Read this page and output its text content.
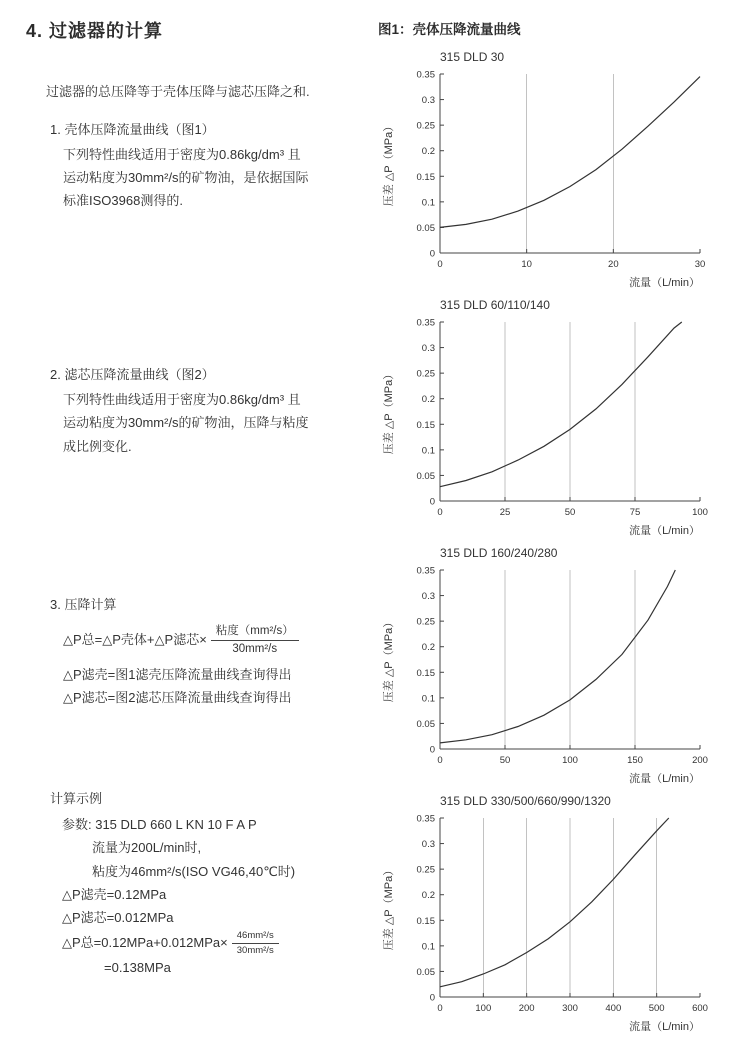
4. 过滤器的计算

过滤器的总压降等于壳体压降与滤芯压降之和.

1. 壳体压降流量曲线（图1）
下列特性曲线适用于密度为0.86kg/dm³ 且
运动粘度为30mm²/s的矿物油，是依据国际
标准ISO3968测得的.
2. 滤芯压降流量曲线（图2）
下列特性曲线适用于密度为0.86kg/dm³ 且
运动粘度为30mm²/s的矿物油，压降与粘度
成比例变化.
3. 压降计算
△P总=△P壳体+△P滤芯× $\frac{\text{粘度（mm²/s）}}{\text{30mm²/s}}$
△P滤壳=图1滤壳压降流量曲线查询得出
△P滤芯=图2滤芯压降流量曲线查询得出
计算示例
参数: 315 DLD 660 L KN 10 F A P
流量为200L/min时,
粘度为46mm²/s(ISO VG46,40℃时)
△P滤壳=0.12MPa
△P滤芯=0.012MPa
△P总$=0.12MPa+0.012MPa\times \frac{\text{46mm²/s}}{\text{30mm²/s}}$
=0.138MPa
图1：壳体压降流量曲线
315 DLD 30
0
0.05
0.1
0.15
0.2
0.25
0.3
0.35
0	10	20	30
流量（L/min）
压差 △P（MPa）
315 DLD 60/110/140
0
0.05
0.1
0.15
0.2
0.25
0.3
0.35
0	25	50	75	100
流量（L/min）
压差 △P（MPa）
315 DLD 160/240/280
0
0.05
0.1
0.15
0.2
0.25
0.3
0.35
0	50	100	150	200
流量（L/min）
压差 △P（MPa）
315 DLD 330/500/660/990/1320
0
0.05
0.1
0.15
0.2
0.25
0.3
0.35
0	100	200	300	400	500	600
流量（L/min）
压差 △P（MPa）
